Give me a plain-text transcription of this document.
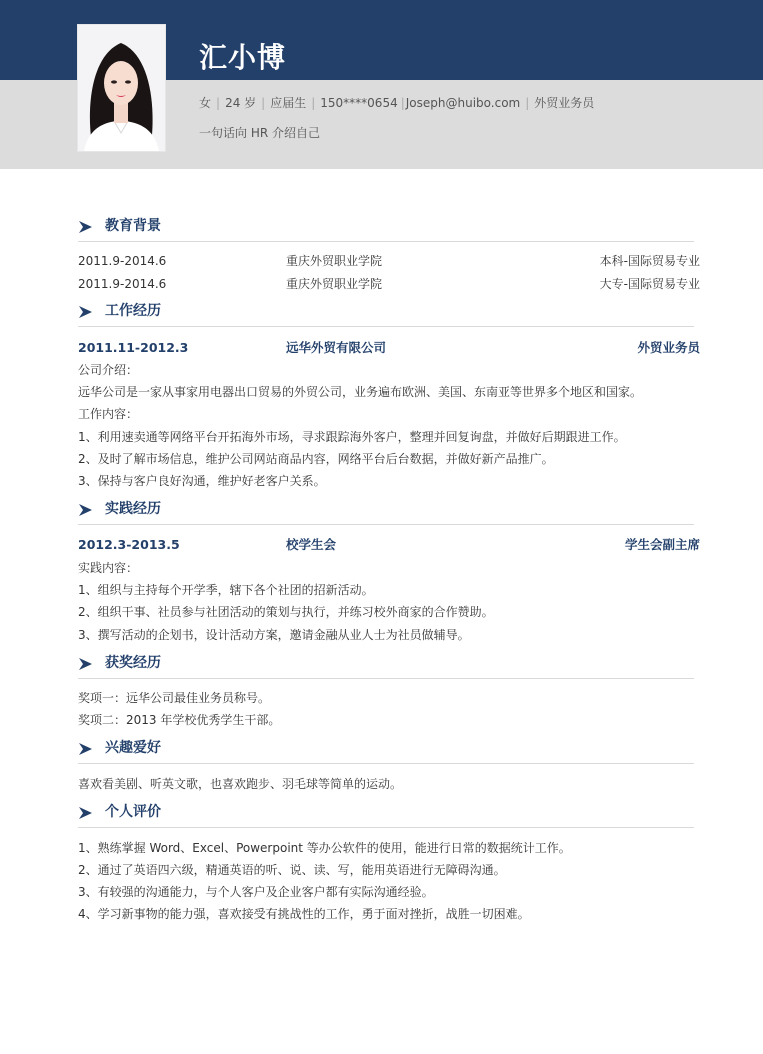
汇小博
女 | 24 岁 | 应届生 | 150****0654 |Joseph@huibo.com | 外贸业务员
一句话向 HR 介绍自己
教育背景
2011.9-2014.6	重庆外贸职业学院	本科-国际贸易专业
2011.9-2014.6	重庆外贸职业学院	大专-国际贸易专业
工作经历
2011.11-2012.3	远华外贸有限公司	外贸业务员
公司介绍：
远华公司是一家从事家用电器出口贸易的外贸公司，业务遍布欧洲、美国、东南亚等世界多个地区和国家。
工作内容：
1、利用速卖通等网络平台开拓海外市场，寻求跟踪海外客户，整理并回复询盘，并做好后期跟进工作。
2、及时了解市场信息，维护公司网站商品内容，网络平台后台数据，并做好新产品推广。
3、保持与客户良好沟通，维护好老客户关系。
实践经历
2012.3-2013.5	校学生会	学生会副主席
实践内容：
1、组织与主持每个开学季，辖下各个社团的招新活动。
2、组织干事、社员参与社团活动的策划与执行，并练习校外商家的合作赞助。
3、撰写活动的企划书，设计活动方案，邀请金融从业人士为社员做辅导。
获奖经历
奖项一：远华公司最佳业务员称号。
奖项二：2013 年学校优秀学生干部。
兴趣爱好
喜欢看美剧、听英文歌，也喜欢跑步、羽毛球等简单的运动。
个人评价
1、熟练掌握 Word、Excel、Powerpoint 等办公软件的使用，能进行日常的数据统计工作。
2、通过了英语四六级，精通英语的听、说、读、写，能用英语进行无障碍沟通。
3、有较强的沟通能力，与个人客户及企业客户都有实际沟通经验。
4、学习新事物的能力强，喜欢接受有挑战性的工作，勇于面对挫折，战胜一切困难。
